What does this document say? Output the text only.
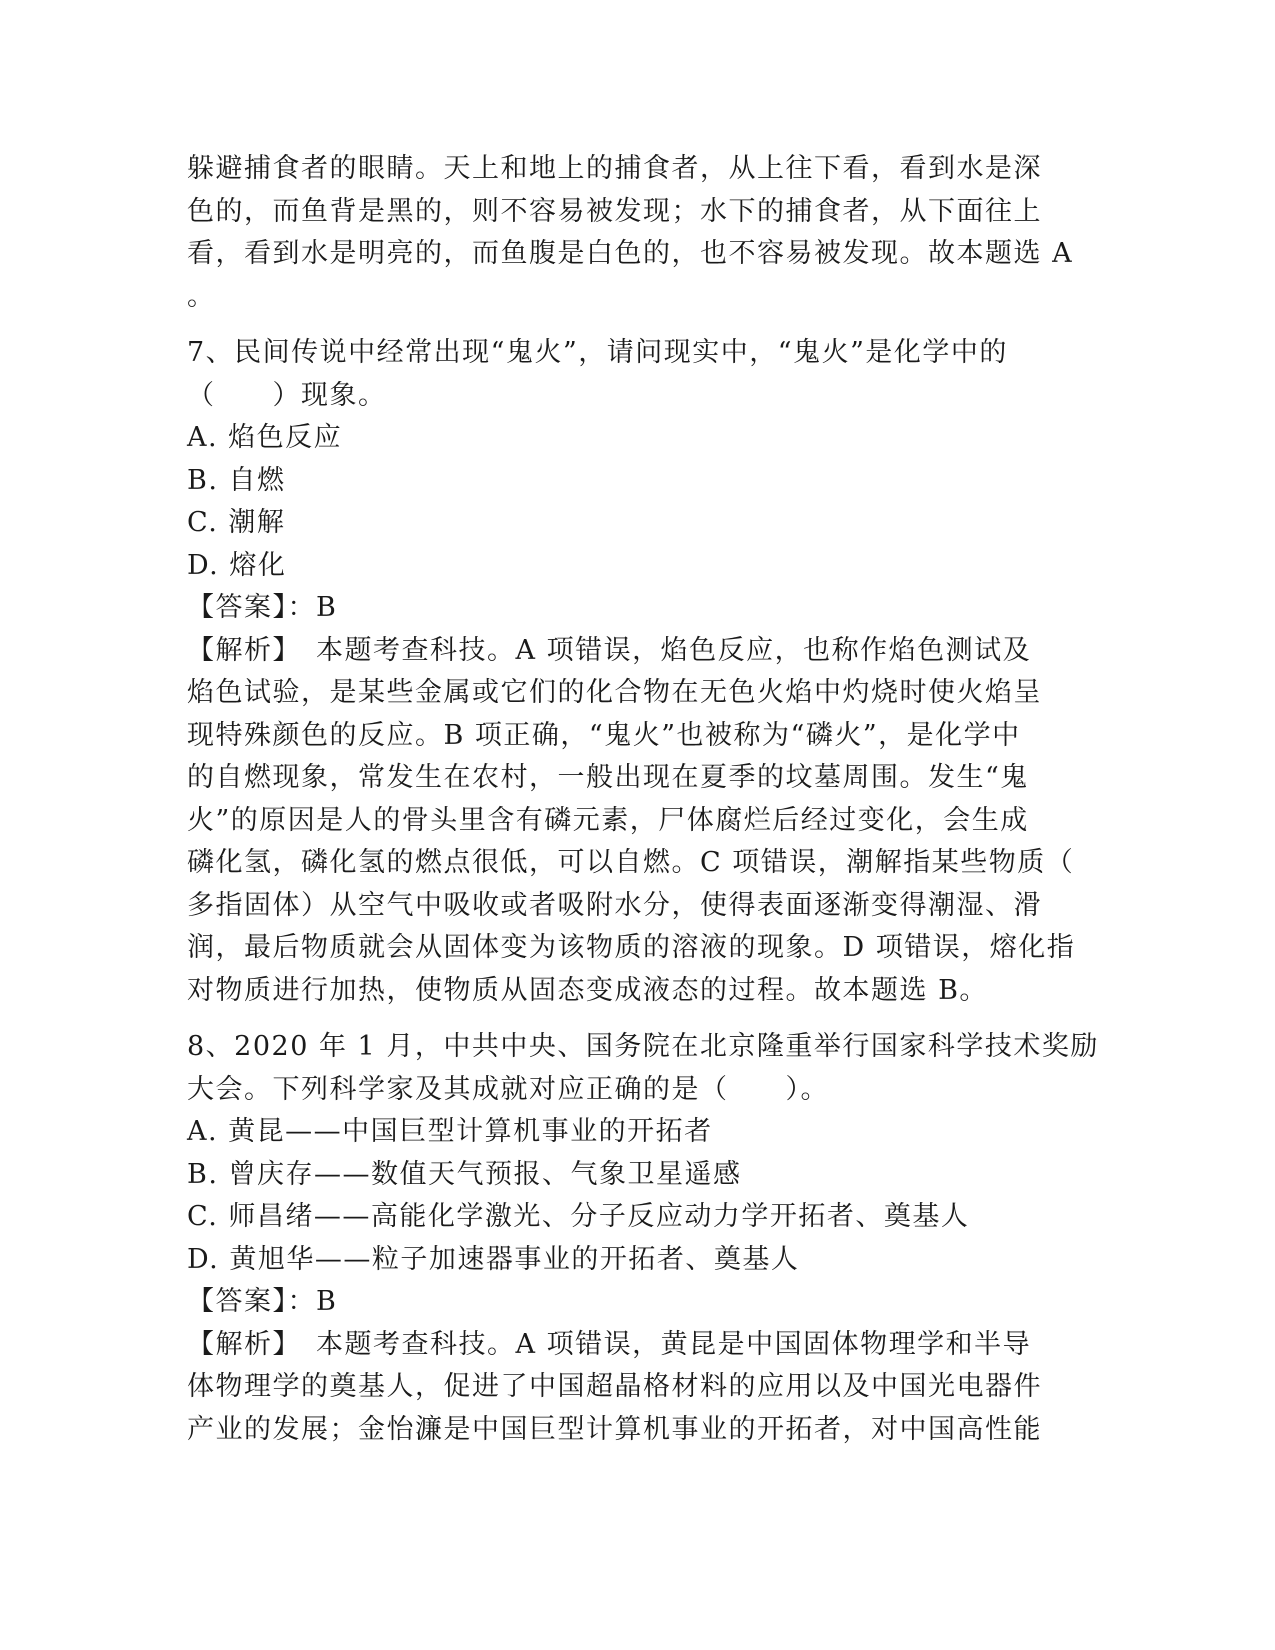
躲避捕食者的眼睛。天上和地上的捕食者，从上往下看，看到水是深
色的，而鱼背是黑的，则不容易被发现；水下的捕食者，从下面往上
看，看到水是明亮的，而鱼腹是白色的，也不容易被发现。故本题选 A
。
7、民间传说中经常出现“鬼火”，请问现实中，“鬼火”是化学中的
（　　）现象。
A. 焰色反应
B. 自燃
C. 潮解
D. 熔化
【答案】：B
【解析】　本题考查科技。A 项错误，焰色反应，也称作焰色测试及
焰色试验，是某些金属或它们的化合物在无色火焰中灼烧时使火焰呈
现特殊颜色的反应。B 项正确，“鬼火”也被称为“磷火”，是化学中
的自燃现象，常发生在农村，一般出现在夏季的坟墓周围。发生“鬼
火”的原因是人的骨头里含有磷元素，尸体腐烂后经过变化，会生成
磷化氢，磷化氢的燃点很低，可以自燃。C 项错误，潮解指某些物质（
多指固体）从空气中吸收或者吸附水分，使得表面逐渐变得潮湿、滑
润，最后物质就会从固体变为该物质的溶液的现象。D 项错误，熔化指
对物质进行加热，使物质从固态变成液态的过程。故本题选 B。
8、2020 年 1 月，中共中央、国务院在北京隆重举行国家科学技术奖励
大会。下列科学家及其成就对应正确的是（　　）。
A. 黄昆——中国巨型计算机事业的开拓者
B. 曾庆存——数值天气预报、气象卫星遥感
C. 师昌绪——高能化学激光、分子反应动力学开拓者、奠基人
D. 黄旭华——粒子加速器事业的开拓者、奠基人
【答案】：B
【解析】　本题考查科技。A 项错误，黄昆是中国固体物理学和半导
体物理学的奠基人，促进了中国超晶格材料的应用以及中国光电器件
产业的发展；金怡濂是中国巨型计算机事业的开拓者，对中国高性能
